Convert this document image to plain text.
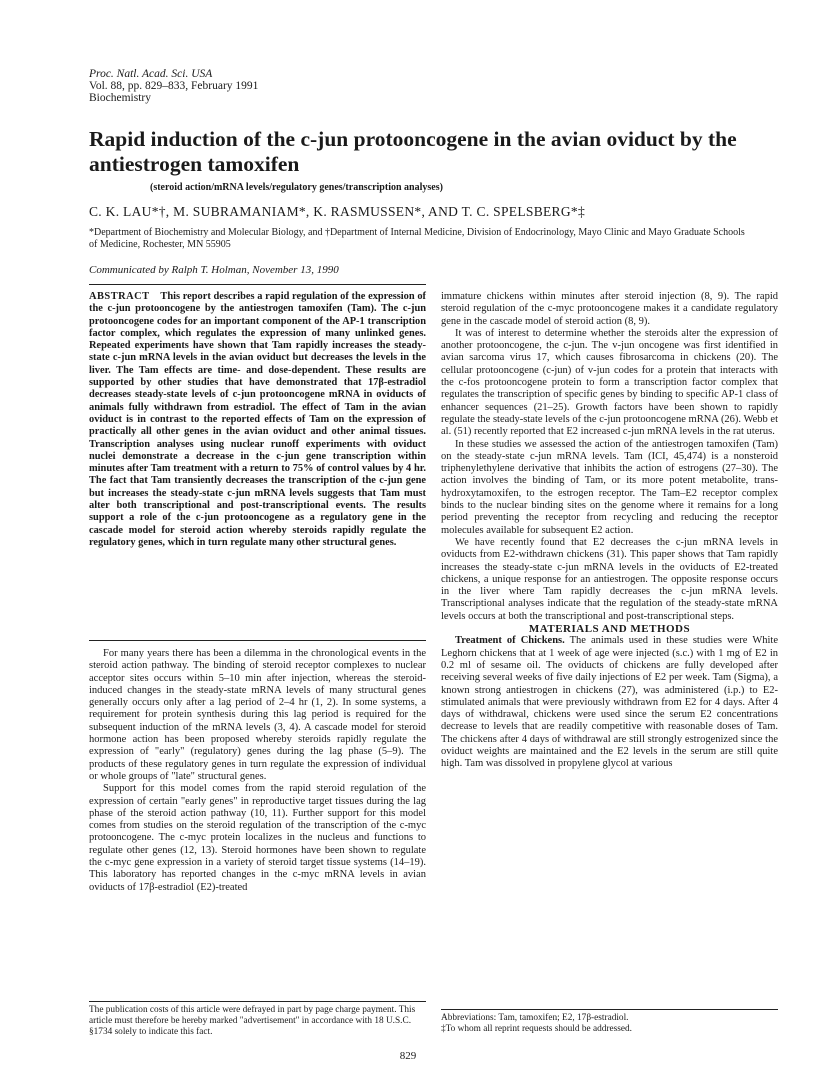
Proc. Natl. Acad. Sci. USA
Vol. 88, pp. 829–833, February 1991
Biochemistry
Rapid induction of the c-jun protooncogene in the avian oviduct by the antiestrogen tamoxifen
(steroid action/mRNA levels/regulatory genes/transcription analyses)
C. K. LAU*†, M. SUBRAMANIAM*, K. RASMUSSEN*, AND T. C. SPELSBERG*‡
*Department of Biochemistry and Molecular Biology, and †Department of Internal Medicine, Division of Endocrinology, Mayo Clinic and Mayo Graduate Schools of Medicine, Rochester, MN 55905
Communicated by Ralph T. Holman, November 13, 1990
ABSTRACT This report describes a rapid regulation of the expression of the c-jun protooncogene by the antiestrogen tamoxifen (Tam). The c-jun protooncogene codes for an important component of the AP-1 transcription factor complex, which regulates the expression of many unlinked genes. Repeated experiments have shown that Tam rapidly increases the steady-state c-jun mRNA levels in the avian oviduct but decreases the levels in the liver. The Tam effects are time- and dose-dependent. These results are supported by other studies that have demonstrated that 17β-estradiol decreases steady-state levels of c-jun protooncogene mRNA in oviducts of animals fully withdrawn from estradiol. The effect of Tam in the avian oviduct is in contrast to the reported effects of Tam on the expression of practically all other genes in the avian oviduct and other animal tissues. Transcription analyses using nuclear runoff experiments with oviduct nuclei demonstrate a decrease in the c-jun gene transcription within minutes after Tam treatment with a return to 75% of control values by 4 hr. The fact that Tam transiently decreases the transcription of the c-jun gene but increases the steady-state c-jun mRNA levels suggests that Tam must alter both transcriptional and post-transcriptional events. The results support a role of the c-jun protooncogene as a regulatory gene in the cascade model for steroid action whereby steroids rapidly regulate the regulatory genes, which in turn regulate many other structural genes.

For many years there has been a dilemma in the chronological events in the steroid action pathway. The binding of steroid receptor complexes to nuclear acceptor sites occurs within 5–10 min after injection, whereas the steroid-induced changes in the steady-state mRNA levels of many structural genes generally occurs only after a lag period of 2–4 hr (1, 2). In some systems, a requirement for protein synthesis during this lag period is required for the subsequent induction of the mRNA levels (3, 4). A cascade model for steroid hormone action has been proposed whereby steroids rapidly regulate the expression of "early" (regulatory) genes during the lag phase (5–9). The products of these regulatory genes in turn regulate the expression of individual or whole groups of "late" structural genes.

Support for this model comes from the rapid steroid regulation of the expression of certain "early genes" in reproductive target tissues during the lag phase of the steroid action pathway (10, 11). Further support for this model comes from studies on the steroid regulation of the transcription of the c-myc protooncogene. The c-myc protein localizes in the nucleus and functions to regulate other genes (12, 13). Steroid hormones have been shown to regulate the c-myc gene expression in a variety of steroid target tissue systems (14–19). This laboratory has reported changes in the c-myc mRNA levels in avian oviducts of 17β-estradiol (E2)-treated

immature chickens within minutes after steroid injection (8, 9). The rapid steroid regulation of the c-myc protooncogene makes it a candidate regulatory gene in the cascade model of steroid action (8, 9).

It was of interest to determine whether the steroids alter the expression of another protooncogene, the c-jun. The v-jun oncogene was first identified in avian sarcoma virus 17, which causes fibrosarcoma in chickens (20). The cellular protooncogene (c-jun) of v-jun codes for a protein that interacts with the c-fos protooncogene protein to form a transcription factor complex that regulates the transcription of specific genes by binding to specific AP-1 class of enhancer sequences (21–25). Growth factors have been shown to rapidly regulate the steady-state levels of the c-jun protooncogene mRNA (26). Webb et al. (51) recently reported that E2 increased c-jun mRNA levels in the rat uterus.

In these studies we assessed the action of the antiestrogen tamoxifen (Tam) on the steady-state c-jun mRNA levels. Tam (ICI, 45,474) is a nonsteroid triphenylethylene derivative that inhibits the action of estrogens (27–30). The action involves the binding of Tam, or its more potent metabolite, trans-hydroxytamoxifen, to the estrogen receptor. The Tam–E2 receptor complex binds to the nuclear binding sites on the genome where it remains for a long period preventing the receptor from recycling and reducing the receptor molecules available for subsequent E2 action.

We have recently found that E2 decreases the c-jun mRNA levels in oviducts from E2-withdrawn chickens (31). This paper shows that Tam rapidly increases the steady-state c-jun mRNA levels in the oviducts of E2-treated chickens, a unique response for an antiestrogen. The opposite response occurs in the liver where Tam rapidly decreases the c-jun mRNA levels. Transcriptional analyses indicate that the regulation of the steady-state mRNA levels occurs at both the transcriptional and post-transcriptional steps.

MATERIALS AND METHODS

Treatment of Chickens. The animals used in these studies were White Leghorn chickens that at 1 week of age were injected (s.c.) with 1 mg of E2 in 0.2 ml of sesame oil. The oviducts of chickens are fully developed after receiving several weeks of five daily injections of E2 per week. Tam (Sigma), a known strong antiestrogen in chickens (27), was administered (i.p.) to E2-stimulated animals that were previously withdrawn from E2 for 4 days. After 4 days of withdrawal, chickens were used since the serum E2 concentrations decrease to levels that are readily competitive with reasonable doses of Tam. The chickens after 4 days of withdrawal are still strongly estrogenized since the oviduct weights are maintained and the E2 levels in the serum are still quite high. Tam was dissolved in propylene glycol at various

The publication costs of this article were defrayed in part by page charge payment. This article must therefore be hereby marked "advertisement" in accordance with 18 U.S.C. §1734 solely to indicate this fact.

Abbreviations: Tam, tamoxifen; E2, 17β-estradiol.

‡To whom all reprint requests should be addressed.

829
